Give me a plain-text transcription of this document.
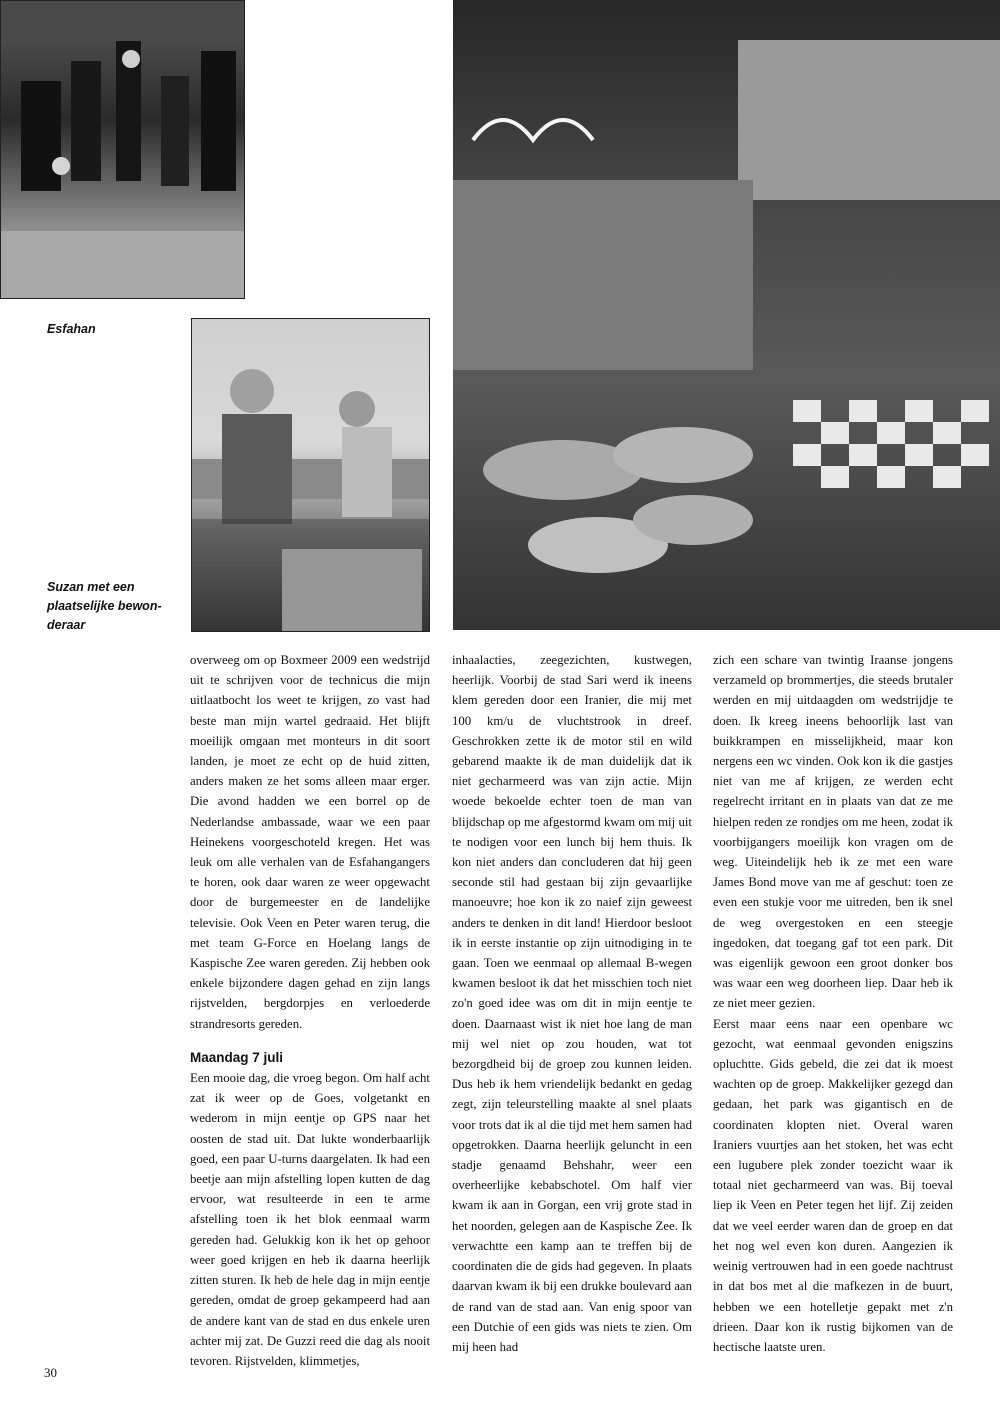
Esfahan
Suzan met een
plaatselijke bewon-
deraar

overweeg om op Boxmeer 2009 een wedstrijd uit te schrijven voor de technicus die mijn uitlaatbocht los weet te krijgen, zo vast had beste man mijn wartel gedraaid. Het blijft moeilijk omgaan met monteurs in dit soort landen, je moet ze echt op de huid zitten, anders maken ze het soms alleen maar erger. Die avond hadden we een borrel op de Nederlandse ambassade, waar we een paar Heinekens voorgeschoteld kregen. Het was leuk om alle verhalen van de Esfahangangers te horen, ook daar waren ze weer opgewacht door de burgemeester en de landelijke televisie. Ook Veen en Peter waren terug, die met team G-Force en Hoelang langs de Kaspische Zee waren gereden. Zij hebben ook enkele bijzondere dagen gehad en zijn langs rijstvelden, bergdorpjes en verloederde strandresorts gereden.

Maandag 7 juli

Een mooie dag, die vroeg begon. Om half acht zat ik weer op de Goes, volgetankt en wederom in mijn eentje op GPS naar het oosten de stad uit. Dat lukte wonderbaarlijk goed, een paar U-turns daargelaten. Ik had een beetje aan mijn afstelling lopen kutten de dag ervoor, wat resulteerde in een te arme afstelling toen ik het blok eenmaal warm gereden had. Gelukkig kon ik het op gehoor weer goed krijgen en heb ik daarna heerlijk zitten sturen. Ik heb de hele dag in mijn eentje gereden, omdat de groep gekampeerd had aan de andere kant van de stad en dus enkele uren achter mij zat. De Guzzi reed die dag als nooit tevoren. Rijstvelden, klimmetjes,

inhaalacties, zeegezichten, kustwegen, heerlijk. Voorbij de stad Sari werd ik ineens klem gereden door een Iranier, die mij met 100 km/u de vluchtstrook in dreef. Geschrokken zette ik de motor stil en wild gebarend maakte ik de man duidelijk dat ik niet gecharmeerd was van zijn actie. Mijn woede bekoelde echter toen de man van blijdschap op me afgestormd kwam om mij uit te nodigen voor een lunch bij hem thuis. Ik kon niet anders dan concluderen dat hij geen seconde stil had gestaan bij zijn gevaarlijke manoeuvre; hoe kon ik zo naief zijn geweest anders te denken in dit land! Hierdoor besloot ik in eerste instantie op zijn uitnodiging in te gaan. Toen we eenmaal op allemaal B-wegen kwamen besloot ik dat het misschien toch niet zo'n goed idee was om dit in mijn eentje te doen. Daarnaast wist ik niet hoe lang de man mij wel niet op zou houden, wat tot bezorgdheid bij de groep zou kunnen leiden. Dus heb ik hem vriendelijk bedankt en gedag zegt, zijn teleurstelling maakte al snel plaats voor trots dat ik al die tijd met hem samen had opgetrokken. Daarna heerlijk geluncht in een stadje genaamd Behshahr, weer een overheerlijke kebabschotel. Om half vier kwam ik aan in Gorgan, een vrij grote stad in het noorden, gelegen aan de Kaspische Zee. Ik verwachtte een kamp aan te treffen bij de coordinaten die de gids had gegeven. In plaats daarvan kwam ik bij een drukke boulevard aan de rand van de stad aan. Van enig spoor van een Dutchie of een gids was niets te zien. Om mij heen had

zich een schare van twintig Iraanse jongens verzameld op brommertjes, die steeds brutaler werden en mij uitdaagden om wedstrijdje te doen. Ik kreeg ineens behoorlijk last van buikkrampen en misselijkheid, maar kon nergens een wc vinden. Ook kon ik die gastjes niet van me af krijgen, ze werden echt regelrecht irritant en in plaats van dat ze me hielpen reden ze rondjes om me heen, zodat ik voorbijgangers moeilijk kon vragen om de weg. Uiteindelijk heb ik ze met een ware James Bond move van me af geschut: toen ze even een stukje voor me uitreden, ben ik snel de weg overgestoken en een steegje ingedoken, dat toegang gaf tot een park. Dit was eigenlijk gewoon een groot donker bos was waar een weg doorheen liep. Daar heb ik ze niet meer gezien.

Eerst maar eens naar een openbare wc gezocht, wat eenmaal gevonden enigszins opluchtte. Gids gebeld, die zei dat ik moest wachten op de groep. Makkelijker gezegd dan gedaan, het park was gigantisch en de coordinaten klopten niet. Overal waren Iraniers vuurtjes aan het stoken, het was echt een lugubere plek zonder toezicht waar ik totaal niet gecharmeerd van was. Bij toeval liep ik Veen en Peter tegen het lijf. Zij zeiden dat we veel eerder waren dan de groep en dat het nog wel even kon duren. Aangezien ik weinig vertrouwen had in een goede nachtrust in dat bos met al die mafkezen in de buurt, hebben we een hotelletje gepakt met z'n drieen. Daar kon ik rustig bijkomen van de hectische laatste uren.

30
